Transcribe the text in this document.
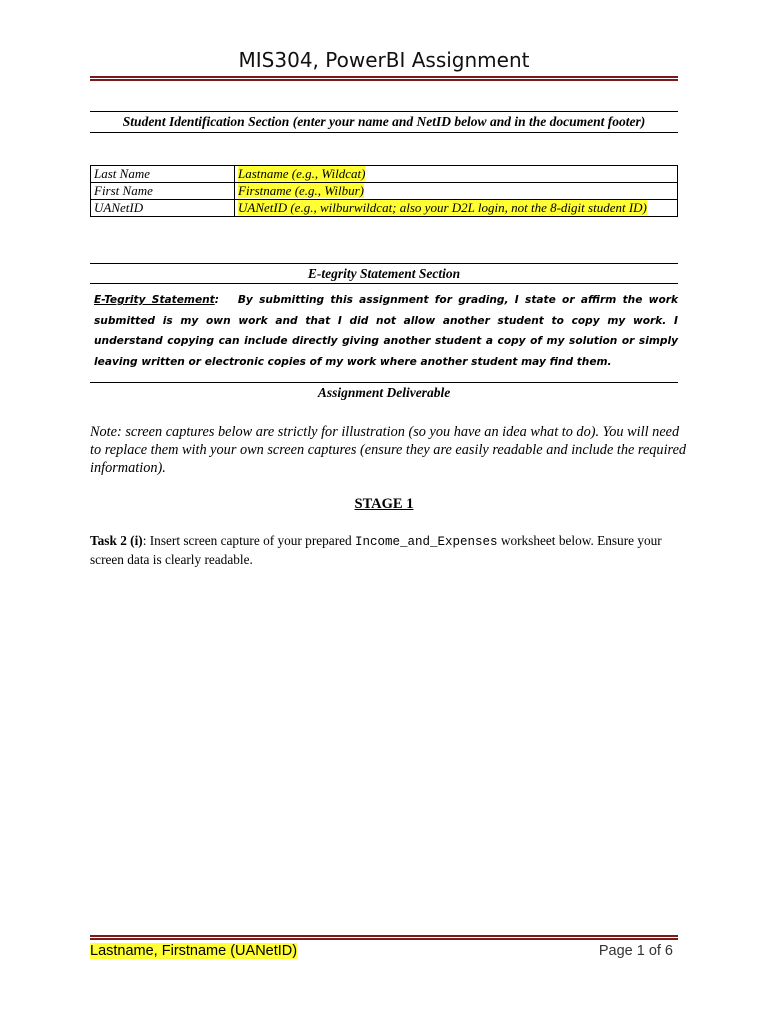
MIS304, PowerBI Assignment
Student Identification Section (enter your name and NetID below and in the document footer)
Last Name	Lastname (e.g., Wildcat)
First Name	Firstname (e.g., Wilbur)
UANetID	UANetID (e.g., wilburwildcat; also your D2L login, not the 8-digit student ID)
E-tegrity Statement Section
E-Tegrity Statement: By submitting this assignment for grading, I state or affirm the work submitted is my own work and that I did not allow another student to copy my work. I understand copying can include directly giving another student a copy of my solution or simply leaving written or electronic copies of my work where another student may find them.
Assignment Deliverable
Note: screen captures below are strictly for illustration (so you have an idea what to do). You will need to replace them with your own screen captures (ensure they are easily readable and include the required information).
STAGE 1
Task 2 (i): Insert screen capture of your prepared Income_and_Expenses worksheet below. Ensure your screen data is clearly readable.
Lastname, Firstname (UANetID)	Page 1 of 6
